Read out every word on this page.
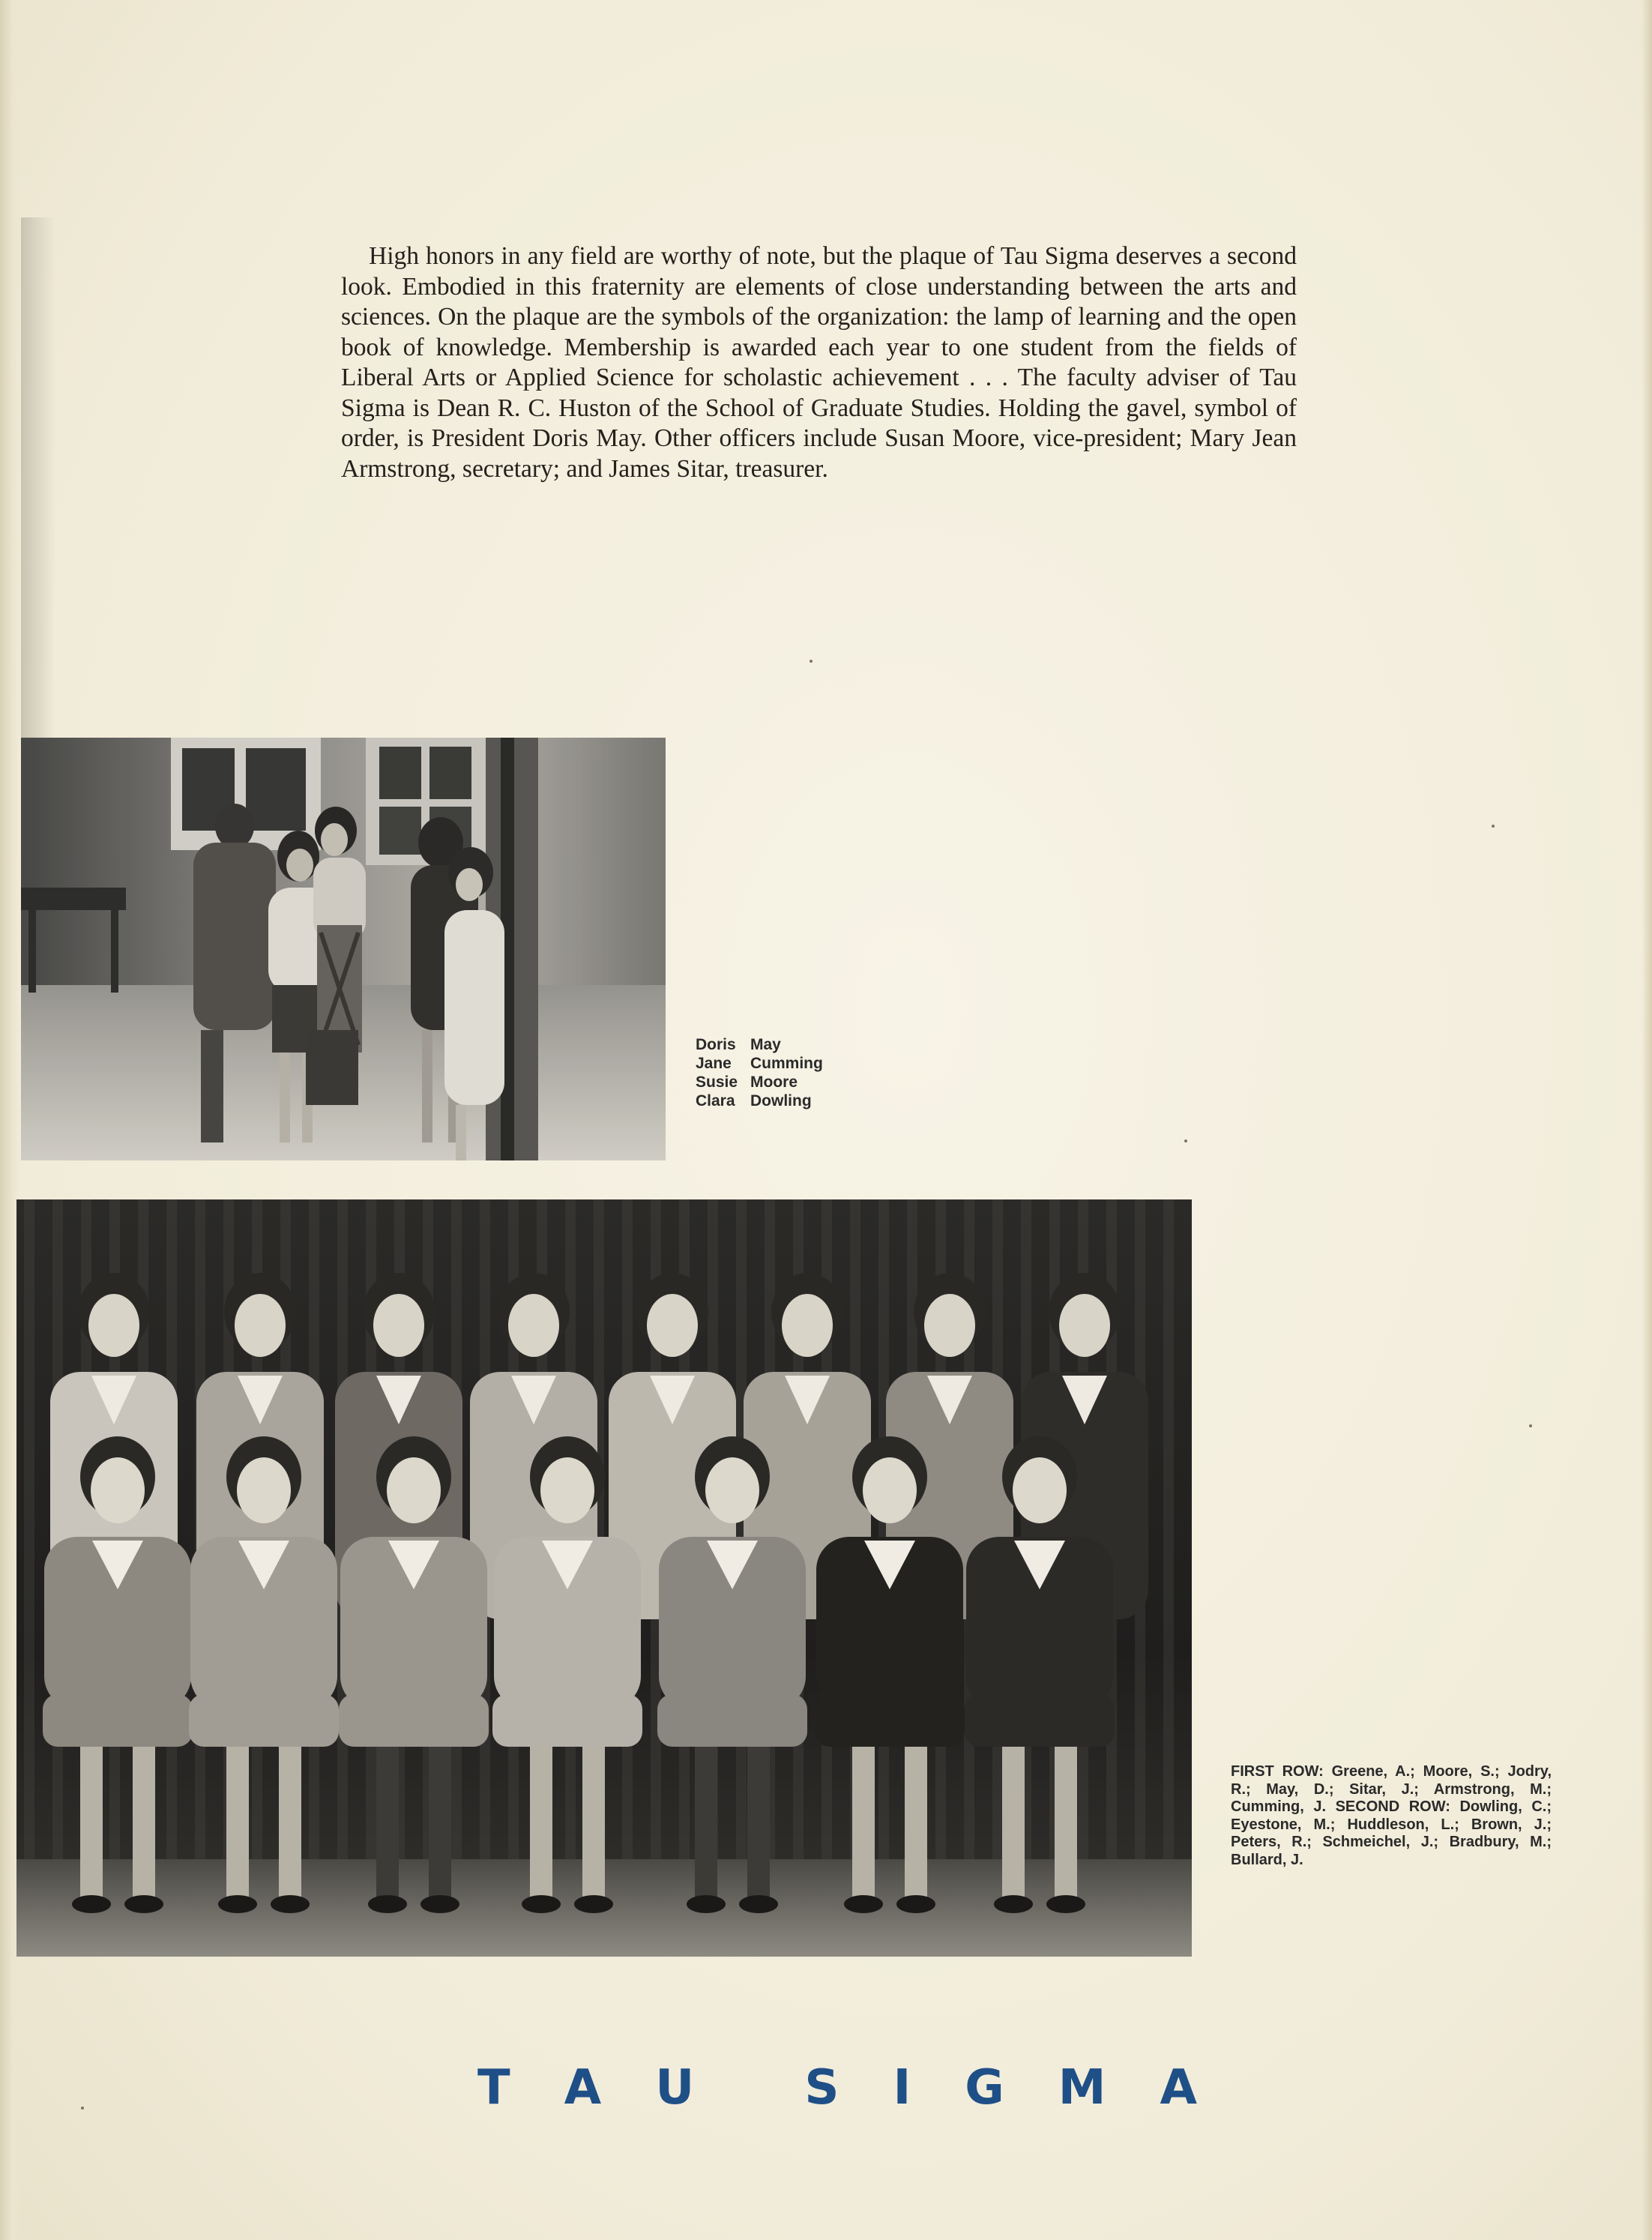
High honors in any field are worthy of note, but the plaque of Tau Sigma deserves a second look. Embodied in this fraternity are elements of close understanding between the arts and sciences. On the plaque are the symbols of the organization: the lamp of learning and the open book of knowledge. Membership is awarded each year to one student from the fields of Liberal Arts or Applied Science for scholastic achievement . . . The faculty adviser of Tau Sigma is Dean R. C. Huston of the School of Graduate Studies. Holding the gavel, symbol of order, is President Doris May. Other officers include Susan Moore, vice-president; Mary Jean Armstrong, secretary; and James Sitar, treasurer.

Doris May
Jane	Cumming
Susie Moore
Clara Dowling

FIRST ROW: Greene, A.; Moore, S.; Jodry, R.; May, D.; Sitar, J.; Armstrong, M.; Cumming, J. SECOND ROW: Dowling, C.; Eyestone, M.; Huddleson, L.; Brown, J.; Peters, R.; Schmeichel, J.; Bradbury, M.; Bullard, J.

T A U S I G M A
